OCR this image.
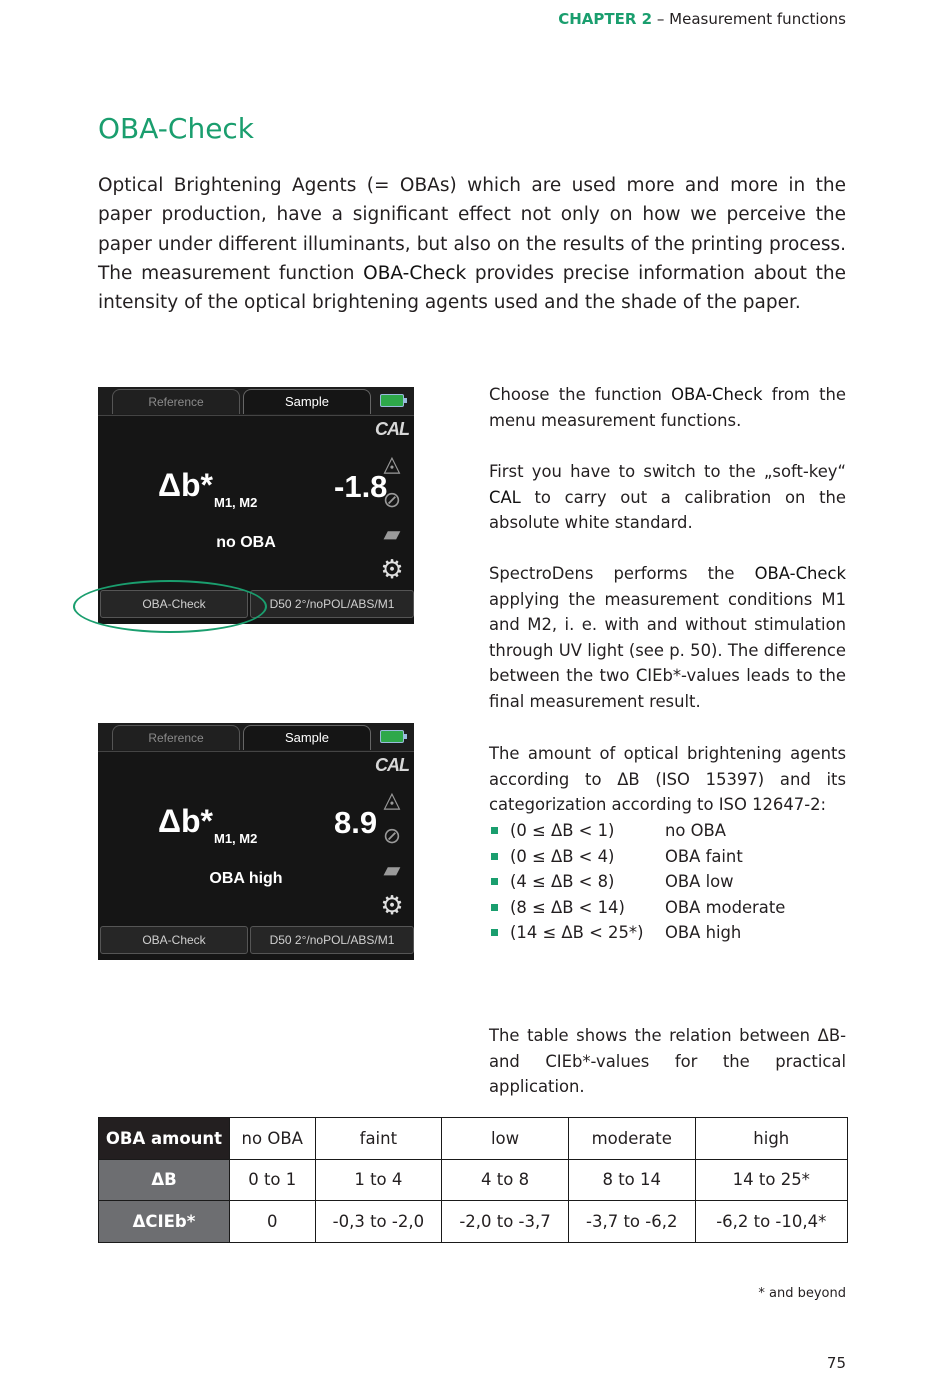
CHAPTER 2 – Measurement functions
OBA-Check

Optical Brightening Agents (= OBAs) which are used more and more in the paper production, have a significant effect not only on how we perceive the paper under different illuminants, but also on the results of the printing process. The measurement function OBA-Check provides precise information about the intensity of the optical brightening agents used and the shade of the paper.

Reference	Sample
CAL
◬
⊘
▰
⚙
Δb* M1, M2 -1.8
no OBA
OBA-Check	D50 2°/noPOL/ABS/M1
Reference	Sample
CAL
◬
⊘
▰
⚙
Δb* M1, M2 8.9
OBA high
OBA-Check	D50 2°/noPOL/ABS/M1

Choose the function OBA-Check from the menu measurement functions.

First you have to switch to the „soft-key“ CAL to carry out a calibration on the absolute white standard.

SpectroDens performs the OBA-Check applying the measurement conditions M1 and M2, i. e. with and without stimulation through UV light (see p. 50). The difference between the two CIEb*-values leads to the final measurement result.

The amount of optical brightening agents according to ΔB (ISO 15397) and its categorization according to ISO 12647-2:

(0 ≤ ΔB < 1)	no OBA
(0 ≤ ΔB < 4)	OBA faint
(4 ≤ ΔB < 8)	OBA low
(8 ≤ ΔB < 14) OBA moderate
(14 ≤ ΔB < 25*) OBA high

The table shows the relation between ΔB- and CIEb*-values for the practical application.

OBA amount	no OBA	faint	low	moderate	high
ΔB	0 to 1	1 to 4	4 to 8	8 to 14	14 to 25*
ΔCIEb*	0	-0,3 to -2,0	-2,0 to -3,7	-3,7 to -6,2	-6,2 to -10,4*
* and beyond
75
